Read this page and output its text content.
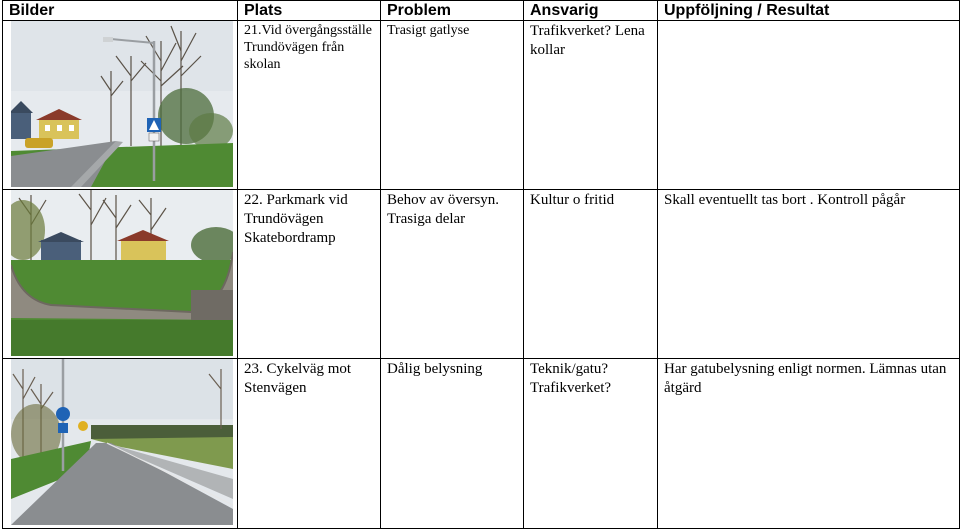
Bilder	Plats	Problem	Ansvarig	Uppföljning / Resultat

	21.Vid övergångsställe Trundövägen från skolan	Trasigt gatlyse	Trafikverket? Lena kollar	

	22. Parkmark vid Trundövägen Skatebordramp	Behov av översyn. Trasiga delar	Kultur o fritid	Skall eventuellt tas bort . Kontroll pågår

	23. Cykelväg mot Stenvägen	Dålig belysning	Teknik/gatu? Trafikverket?	Har gatubelysning enligt normen. Lämnas utan åtgärd
